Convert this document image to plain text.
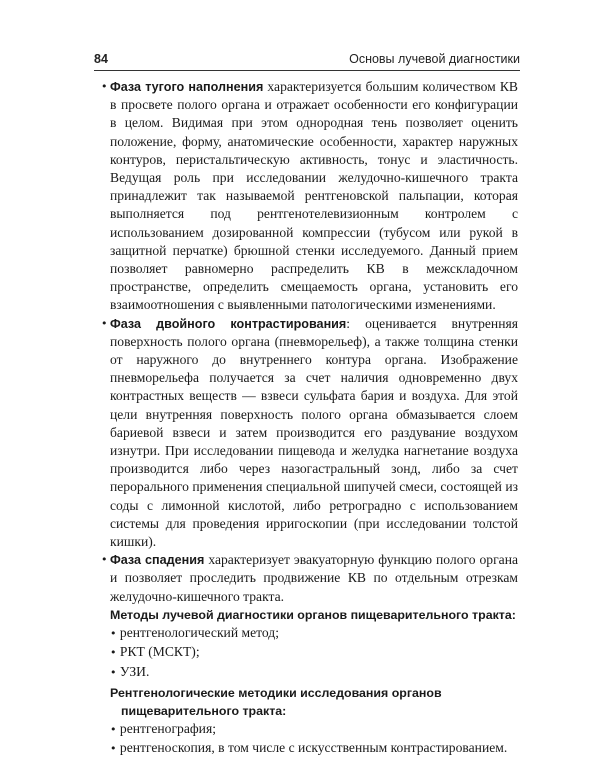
84	Основы лучевой диагностики

• Фаза тугого наполнения характеризуется большим количеством КВ в просвете полого органа и отражает особенности его конфигурации в целом. Видимая при этом однородная тень позволяет оценить положение, форму, анатомические особенности, характер наружных контуров, перистальтическую активность, тонус и эластичность. Ведущая роль при исследовании желудочно-кишечного тракта принадлежит так называемой рентгеновской пальпации, которая выполняется под рентгенотелевизионным контролем с использованием дозированной компрессии (тубусом или рукой в защитной перчатке) брюшной стенки исследуемого. Данный прием позволяет равномерно распределить КВ в межскладочном пространстве, определить смещаемость органа, установить его взаимоотношения с выявленными патологическими изменениями.

• Фаза двойного контрастирования: оценивается внутренняя поверхность полого органа (пневморельеф), а также толщина стенки от наружного до внутреннего контура органа. Изображение пневморельефа получается за счет наличия одновременно двух контрастных веществ — взвеси сульфата бария и воздуха. Для этой цели внутренняя поверхность полого органа обмазывается слоем бариевой взвеси и затем производится его раздувание воздухом изнутри. При исследовании пищевода и желудка нагнетание воздуха производится либо через назогастральный зонд, либо за счет перорального применения специальной шипучей смеси, состоящей из соды с лимонной кислотой, либо ретроградно с использованием системы для проведения ирригоскопии (при исследовании толстой кишки).

• Фаза спадения характеризует эвакуаторную функцию полого органа и позволяет проследить продвижение КВ по отдельным отрезкам желудочно-кишечного тракта.

Методы лучевой диагностики органов пищеварительного тракта:

• рентгенологический метод;

• РКТ (МСКТ);

• УЗИ.

Рентгенологические методики исследования органов пищеварительного тракта:

• рентгенография;

• рентгеноскопия, в том числе с искусственным контрастированием.
